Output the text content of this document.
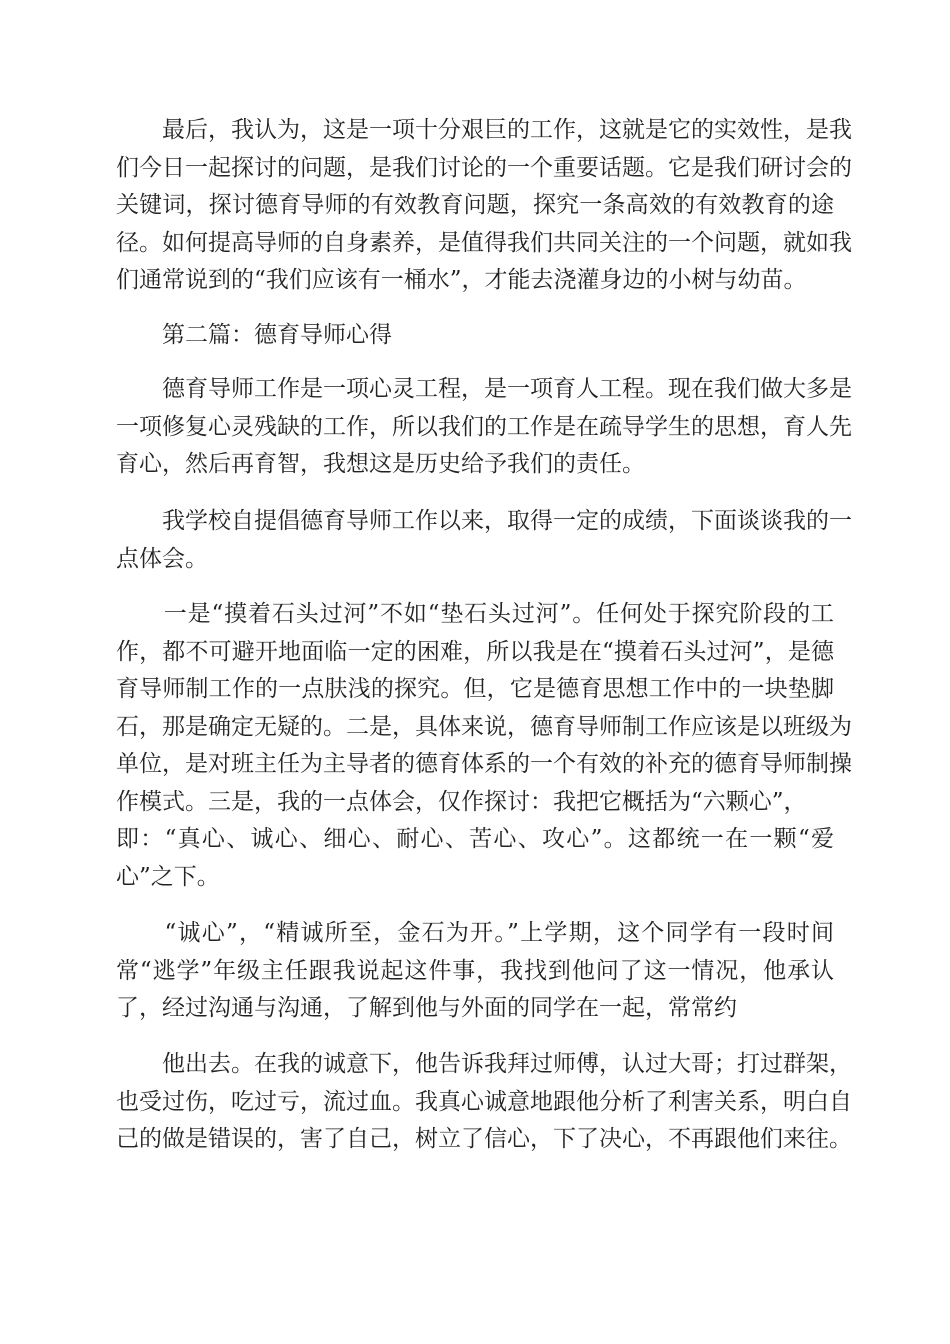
　　最后，我认为，这是一项十分艰巨的工作，这就是它的实效性，是我
们今日一起探讨的问题，是我们讨论的一个重要话题。它是我们研讨会的
关键词，探讨德育导师的有效教育问题，探究一条高效的有效教育的途
径。如何提高导师的自身素养，是值得我们共同关注的一个问题，就如我
们通常说到的“我们应该有一桶水”，才能去浇灌身边的小树与幼苗。
　　第二篇：德育导师心得
　　德育导师工作是一项心灵工程，是一项育人工程。现在我们做大多是
一项修复心灵残缺的工作，所以我们的工作是在疏导学生的思想，育人先
育心，然后再育智，我想这是历史给予我们的责任。
　　我学校自提倡德育导师工作以来，取得一定的成绩，下面谈谈我的一
点体会。
　　一是“摸着石头过河”不如“垫石头过河”。任何处于探究阶段的工
作，都不可避开地面临一定的困难，所以我是在“摸着石头过河”，是德
育导师制工作的一点肤浅的探究。但，它是德育思想工作中的一块垫脚
石，那是确定无疑的。二是，具体来说，德育导师制工作应该是以班级为
单位，是对班主任为主导者的德育体系的一个有效的补充的德育导师制操
作模式。三是，我的一点体会，仅作探讨：我把它概括为“六颗心”，
即：“真心、诚心、细心、耐心、苦心、攻心”。这都统一在一颗“爱
心”之下。
　　“诚心”，“精诚所至，金石为开。”上学期，这个同学有一段时间
常“逃学”年级主任跟我说起这件事，我找到他问了这一情况，他承认
了，经过沟通与沟通，了解到他与外面的同学在一起，常常约
　　他出去。在我的诚意下，他告诉我拜过师傅，认过大哥；打过群架，
也受过伤，吃过亏，流过血。我真心诚意地跟他分析了利害关系，明白自
己的做是错误的，害了自己，树立了信心，下了决心，不再跟他们来往。
